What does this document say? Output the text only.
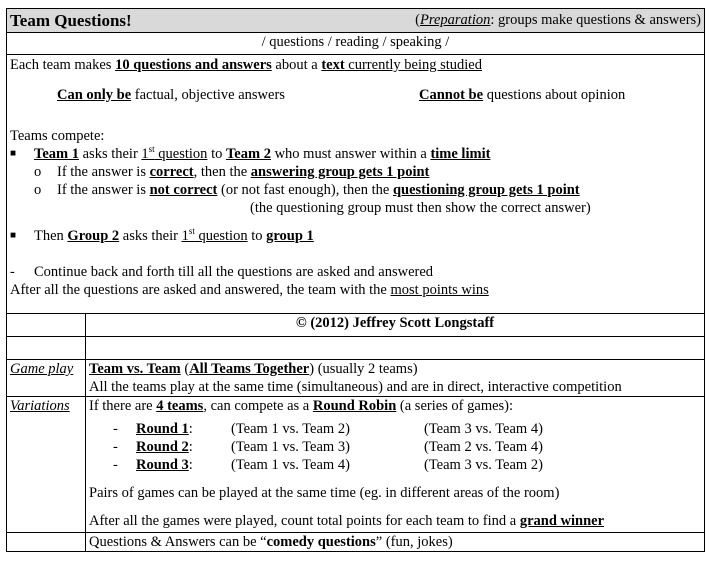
Team Questions! (Preparation: groups make questions & answers)	

/ questions / reading / speaking /	

Each team makes 10 questions and answers about a text currently being studied
Can only be factual, objective answers	Cannot be questions about opinion
Teams compete:
■ Team 1 asks their 1st question to Team 2 who must answer within a time limit
o If the answer is correct, then the answering group gets 1 point
o If the answer is not correct (or not fast enough), then the questioning group gets 1 point
(the questioning group must then show the correct answer)
■ Then Group 2 asks their 1st question to group 1
- Continue back and forth till all the questions are asked and answered
After all the questions are asked and answered, the team with the most points wins

	© (2012) Jeffrey Scott Longstaff

Game play	Team vs. Team (All Teams Together) (usually 2 teams)
All the teams play at the same time (simultaneous) and are in direct, interactive competition

Variations	If there are 4 teams, can compete as a Round Robin (a series of games):
- Round 1:	(Team 1 vs. Team 2)	(Team 3 vs. Team 4)
- Round 2:	(Team 1 vs. Team 3)	(Team 2 vs. Team 4)
- Round 3:	(Team 1 vs. Team 4)	(Team 3 vs. Team 2)
Pairs of games can be played at the same time (eg. in different areas of the room)
After all the games were played, count total points for each team to find a grand winner

	Questions & Answers can be “comedy questions” (fun, jokes)
